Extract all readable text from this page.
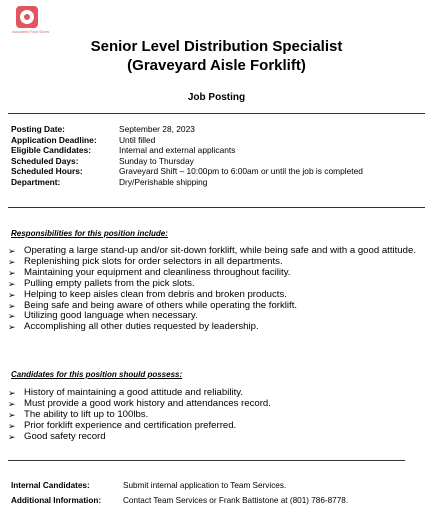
Associated Food Stores
Senior Level Distribution Specialist
(Graveyard Aisle Forklift)
Job Posting
Posting Date:	September 28, 2023
Application Deadline:	Until filled
Eligible Candidates:	Internal and external applicants
Scheduled Days:	Sunday to Thursday
Scheduled Hours:	Graveyard Shift – 10:00pm to 6:00am or until the job is completed
Department:	Dry/Perishable shipping
Responsibilities for this position include:
➢ Operating a large stand-up and/or sit-down forklift, while being safe and with a good attitude.
➢ Replenishing pick slots for order selectors in all departments.
➢ Maintaining your equipment and cleanliness throughout facility.
➢ Pulling empty pallets from the pick slots.
➢ Helping to keep aisles clean from debris and broken products.
➢ Being safe and being aware of others while operating the forklift.
➢ Utilizing good language when necessary.
➢ Accomplishing all other duties requested by leadership.
Candidates for this position should possess:
➢ History of maintaining a good attitude and reliability.
➢ Must provide a good work history and attendances record.
➢ The ability to lift up to 100lbs.
➢ Prior forklift experience and certification preferred.
➢ Good safety record
Internal Candidates:	Submit internal application to Team Services.
Additional Information:	Contact Team Services or Frank Battistone at (801) 786-8778.
